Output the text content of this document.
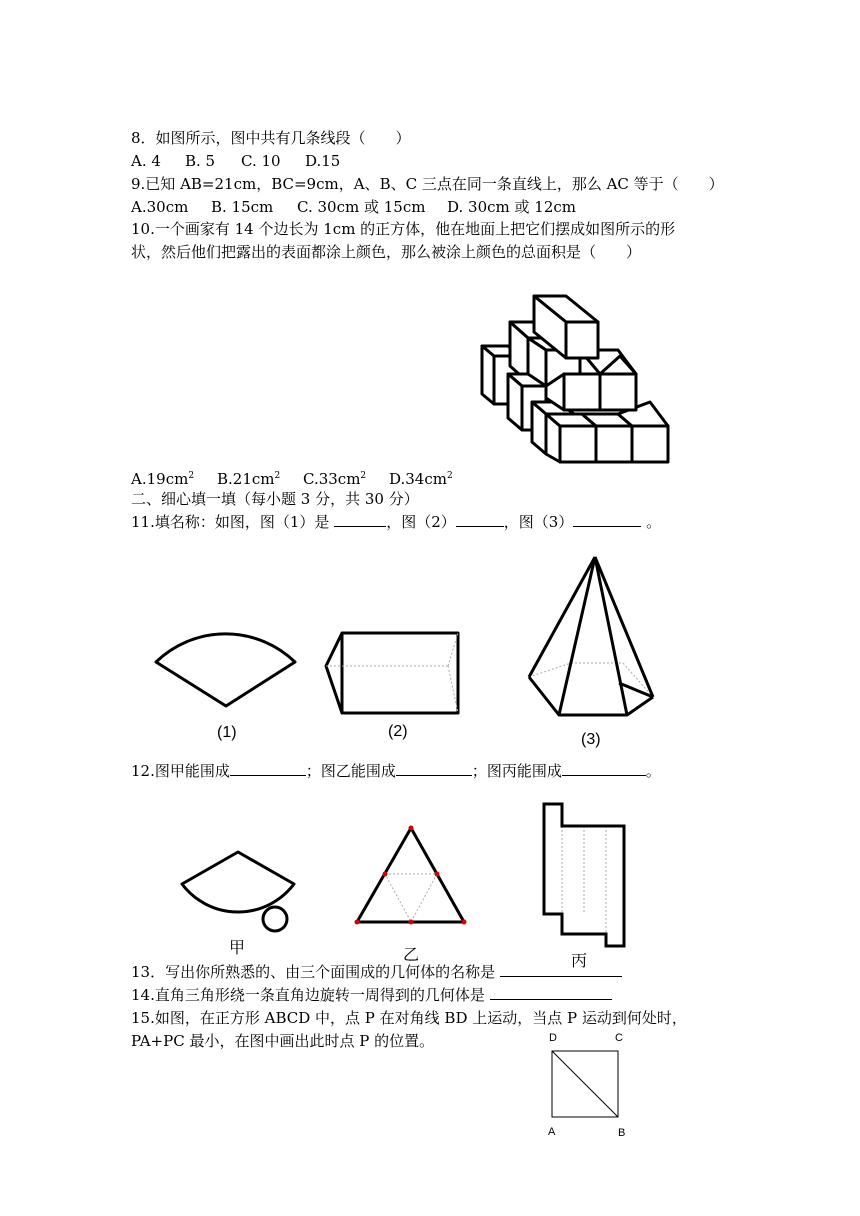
8．如图所示，图中共有几条线段（　　）
A. 4 B. 5 C. 10 D.15
9.已知 AB=21cm，BC=9cm，A、B、C 三点在同一条直线上，那么 AC 等于（　　）
A.30cm B. 15cm C. 30cm 或 15cm D. 30cm 或 12cm
10.一个画家有 14 个边长为 1cm 的正方体，他在地面上把它们摆成如图所示的形
状，然后他们把露出的表面都涂上颜色，那么被涂上颜色的总面积是（　　）
$A.19cm^2$ $B.21cm^2$ $C.33cm^2$ $D.34cm^2$
二、细心填一填（每小题 3 分，共 30 分）
11.填名称：如图，图（1）是	，图（2）	，图（3）	。
(1)	(2)	(3)
12.图甲能围成	；图乙能围成	；图丙能围成	。
甲	乙	丙
13．写出你所熟悉的、由三个面围成的几何体的名称是
14.直角三角形绕一条直角边旋转一周得到的几何体是
15.如图，在正方形 ABCD 中，点 P 在对角线 BD 上运动，当点 P 运动到何处时，
PA+PC 最小，在图中画出此时点 P 的位置。	D	C
A	B
